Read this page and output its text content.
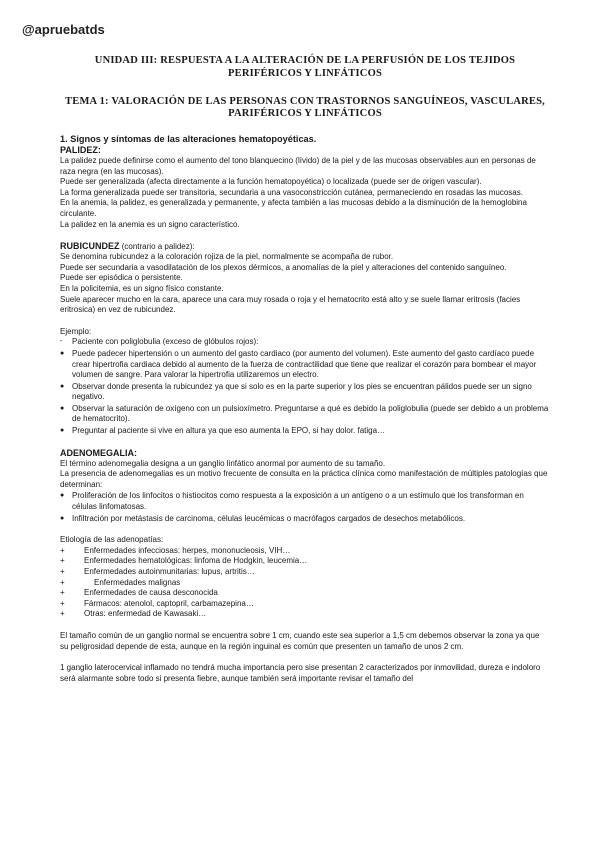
@apruebatds
UNIDAD III: RESPUESTA A LA ALTERACIÓN DE LA PERFUSIÓN DE LOS TEJIDOS PERIFÉRICOS Y LINFÁTICOS
TEMA 1: VALORACIÓN DE LAS PERSONAS CON TRASTORNOS SANGUÍNEOS, VASCULARES, PARIFÉRICOS Y LINFÁTICOS
1. Signos y síntomas de las alteraciones hematopoyéticas.
PALIDEZ:

La palidez puede definirse como el aumento del tono blanquecino (lívido) de la piel y de las mucosas observables aun en personas de raza negra (en las mucosas).

Puede ser generalizada (afecta directamente a la función hematopoyética) o localizada (puede ser de origen vascular).

La forma generalizada puede ser transitoria, secundaria a una vasoconstricción cutánea, permaneciendo en rosadas las mucosas.

En la anemia, la palidez, es generalizada y permanente, y afecta también a las mucosas debido a la disminución de la hemoglobina circulante.

La palidez en la anemia es un signo característico.

RUBICUNDEZ (contrario a palidez):

Se denomina rubicundez a la coloración rojiza de la piel, normalmente se acompaña de rubor.

Puede ser secundaria a vasodilatación de los plexos dérmicos, a anomalías de la piel y alteraciones del contenido sanguíneo.

Puede ser episódica o persistente.

En la policitemia, es un signo físico constante.

Suele aparecer mucho en la cara, aparece una cara muy rosada o roja y el hematocrito está alto y se suele llamar eritrosis (facies eritrosica) en vez de rubicundez.

Ejemplo:

-	Paciente con poliglobulia (exceso de glóbulos rojos):
● Puede padecer hipertensión o un aumento del gasto cardiaco (por aumento del volumen). Este aumento del gasto cardíaco puede crear hipertrofia cardiaca debido al aumento de la fuerza de contractilidad que tiene que realizar el corazón para bombear el mayor volumen de sangre. Para valorar la hipertrofia utilizaremos un electro.
● Observar donde presenta la rubicundez ya que si solo es en la parte superior y los pies se encuentran pálidos puede ser un signo negativo.
● Observar la saturación de oxígeno con un pulsioxímetro. Preguntarse a qué es debido la poliglobulia (puede ser debido a un problema de hematocrito).
● Preguntar al paciente si vive en altura ya que eso aumenta la EPO, si hay dolor. fatiga…
ADENOMEGALIA:

El término adenomegalia designa a un ganglio linfático anormal por aumento de su tamaño.

La presencia de adenomegalias es un motivo frecuente de consulta en la práctica clínica como manifestación de múltiples patologías que determinan:

● Proliferación de los linfocitos o histiocitos como respuesta a la exposición a un antígeno o a un estímulo que los transforman en células linfomatosas.
● Infiltración por metástasis de carcinoma, células leucémicas o macrófagos cargados de desechos metabólicos.

Etiología de las adenopatías:

+	Enfermedades infecciosas: herpes, mononucleosis, VIH…
+	Enfermedades hematológicas: linfoma de Hodgkin, leucemia…
+	Enfermedades autoinmunitarias: lupus, artritis…
+	Enfermedades malignas
+	Enfermedades de causa desconocida
+	Fármacos: atenolol, captopril, carbamazepina…
+	Otras: enfermedad de Kawasaki…

El tamaño común de un ganglio normal se encuentra sobre 1 cm, cuando este sea superior a 1,5 cm debemos observar la zona ya que su peligrosidad depende de esta, aunque en la región inguinal es común que presenten un tamaño de unos 2 cm.

1 ganglio laterocervical inflamado no tendrá mucha importancia pero sise presentan 2 caracterizados por inmovilidad, dureza e indoloro será alarmante sobre todo si presenta fiebre, aunque también será importante revisar el tamaño del
